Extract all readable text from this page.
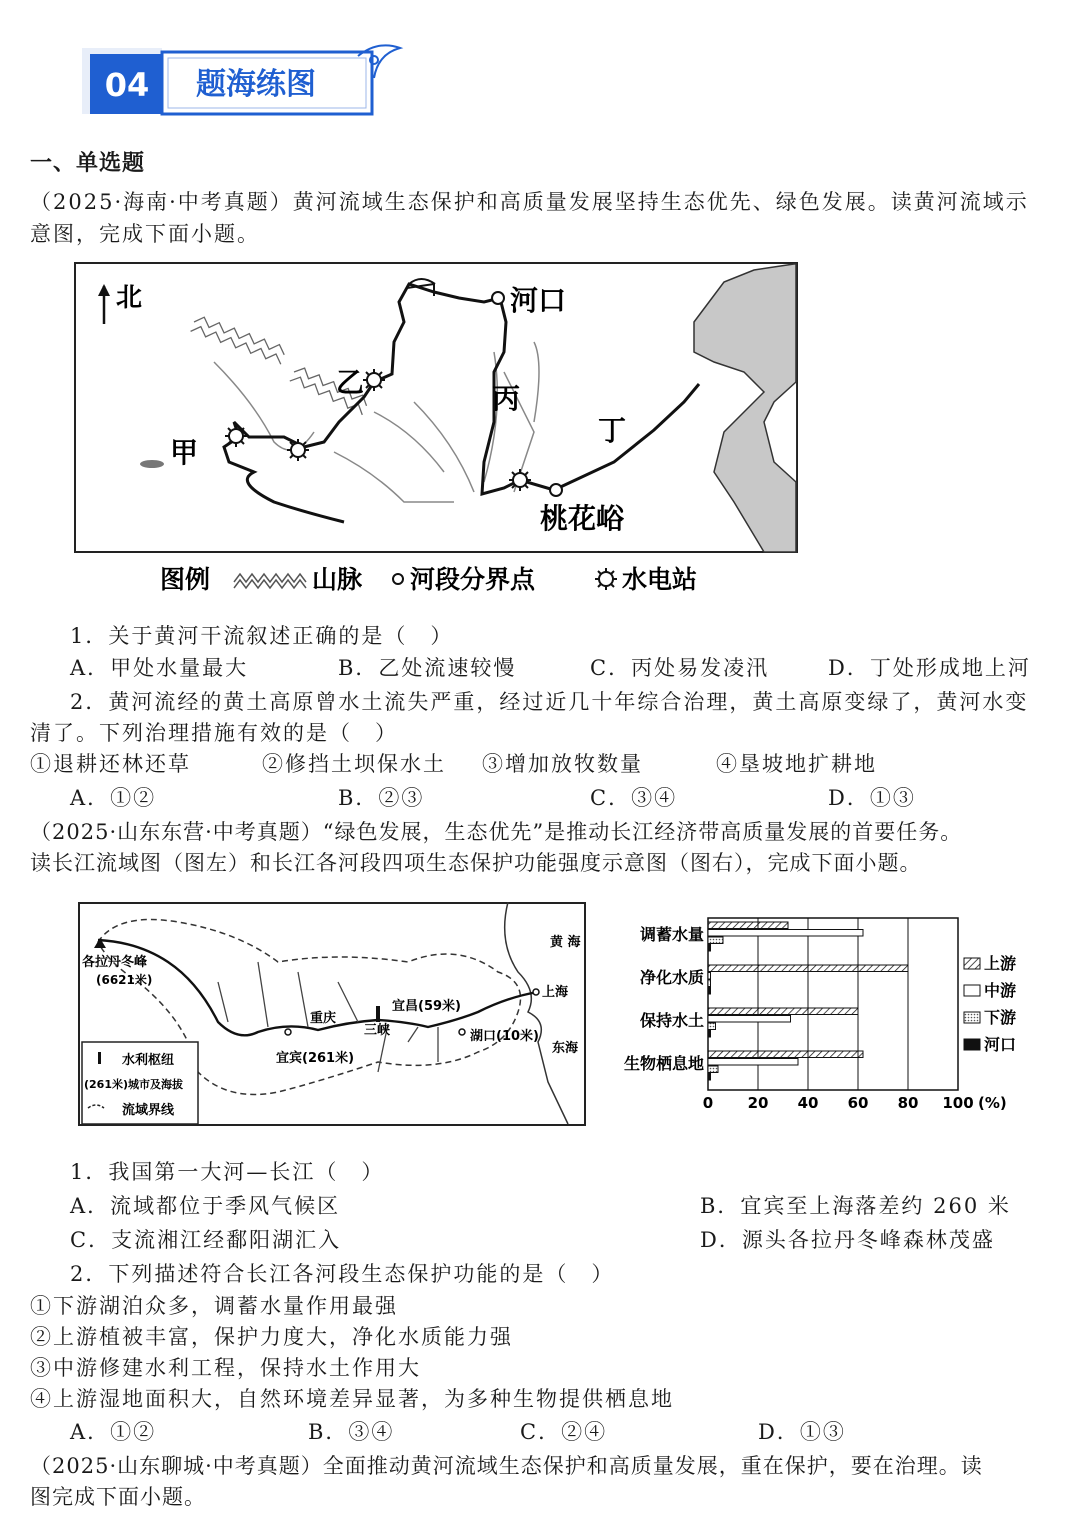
04 题海练图
一、单选题
（2025·海南·中考真题）黄河流域生态保护和高质量发展坚持生态优先、绿色发展。读黄河流域示
意图，完成下面小题。
北	河口
乙	丙
丁
甲
桃花峪
图例	山脉 河段分界点	水电站
1．关于黄河干流叙述正确的是（　）
A．甲处水量最大	B．乙处流速较慢	C．丙处易发凌汛	D．丁处形成地上河
2．黄河流经的黄土高原曾水土流失严重，经过近几十年综合治理，黄土高原变绿了，黄河水变
清了。下列治理措施有效的是（　）
①退耕还林还草	②修挡土坝保水土 ③增加放牧数量	④垦坡地扩耕地
A．①②	B．②③	C．③④	D．①③
（2025·山东东营·中考真题）“绿色发展，生态优先”是推动长江经济带高质量发展的首要任务。
读长江流域图（图左）和长江各河段四项生态保护功能强度示意图（图右），完成下面小题。
各拉丹冬峰
(6621米)
黄 海
上海
东海
重庆
宜昌(59米)
三峡
宜宾(261米)
湖口(10米)
水利枢纽
(261米)城市及海拔
流域界线
调蓄水量
净化水质
保持水土
生物栖息地
0 20 40 60 80 100 (%)
上游
中游
下游
河口
1．我国第一大河—长江（　）
A．流域都位于季风气候区	B．宜宾至上海落差约 260 米
C．支流湘江经鄱阳湖汇入	D．源头各拉丹冬峰森林茂盛
2．下列描述符合长江各河段生态保护功能的是（　）
①下游湖泊众多，调蓄水量作用最强
②上游植被丰富，保护力度大，净化水质能力强
③中游修建水利工程，保持水土作用大
④上游湿地面积大，自然环境差异显著，为多种生物提供栖息地
A．①②	B．③④	C．②④	D．①③
（2025·山东聊城·中考真题）全面推动黄河流域生态保护和高质量发展，重在保护，要在治理。读
图完成下面小题。
